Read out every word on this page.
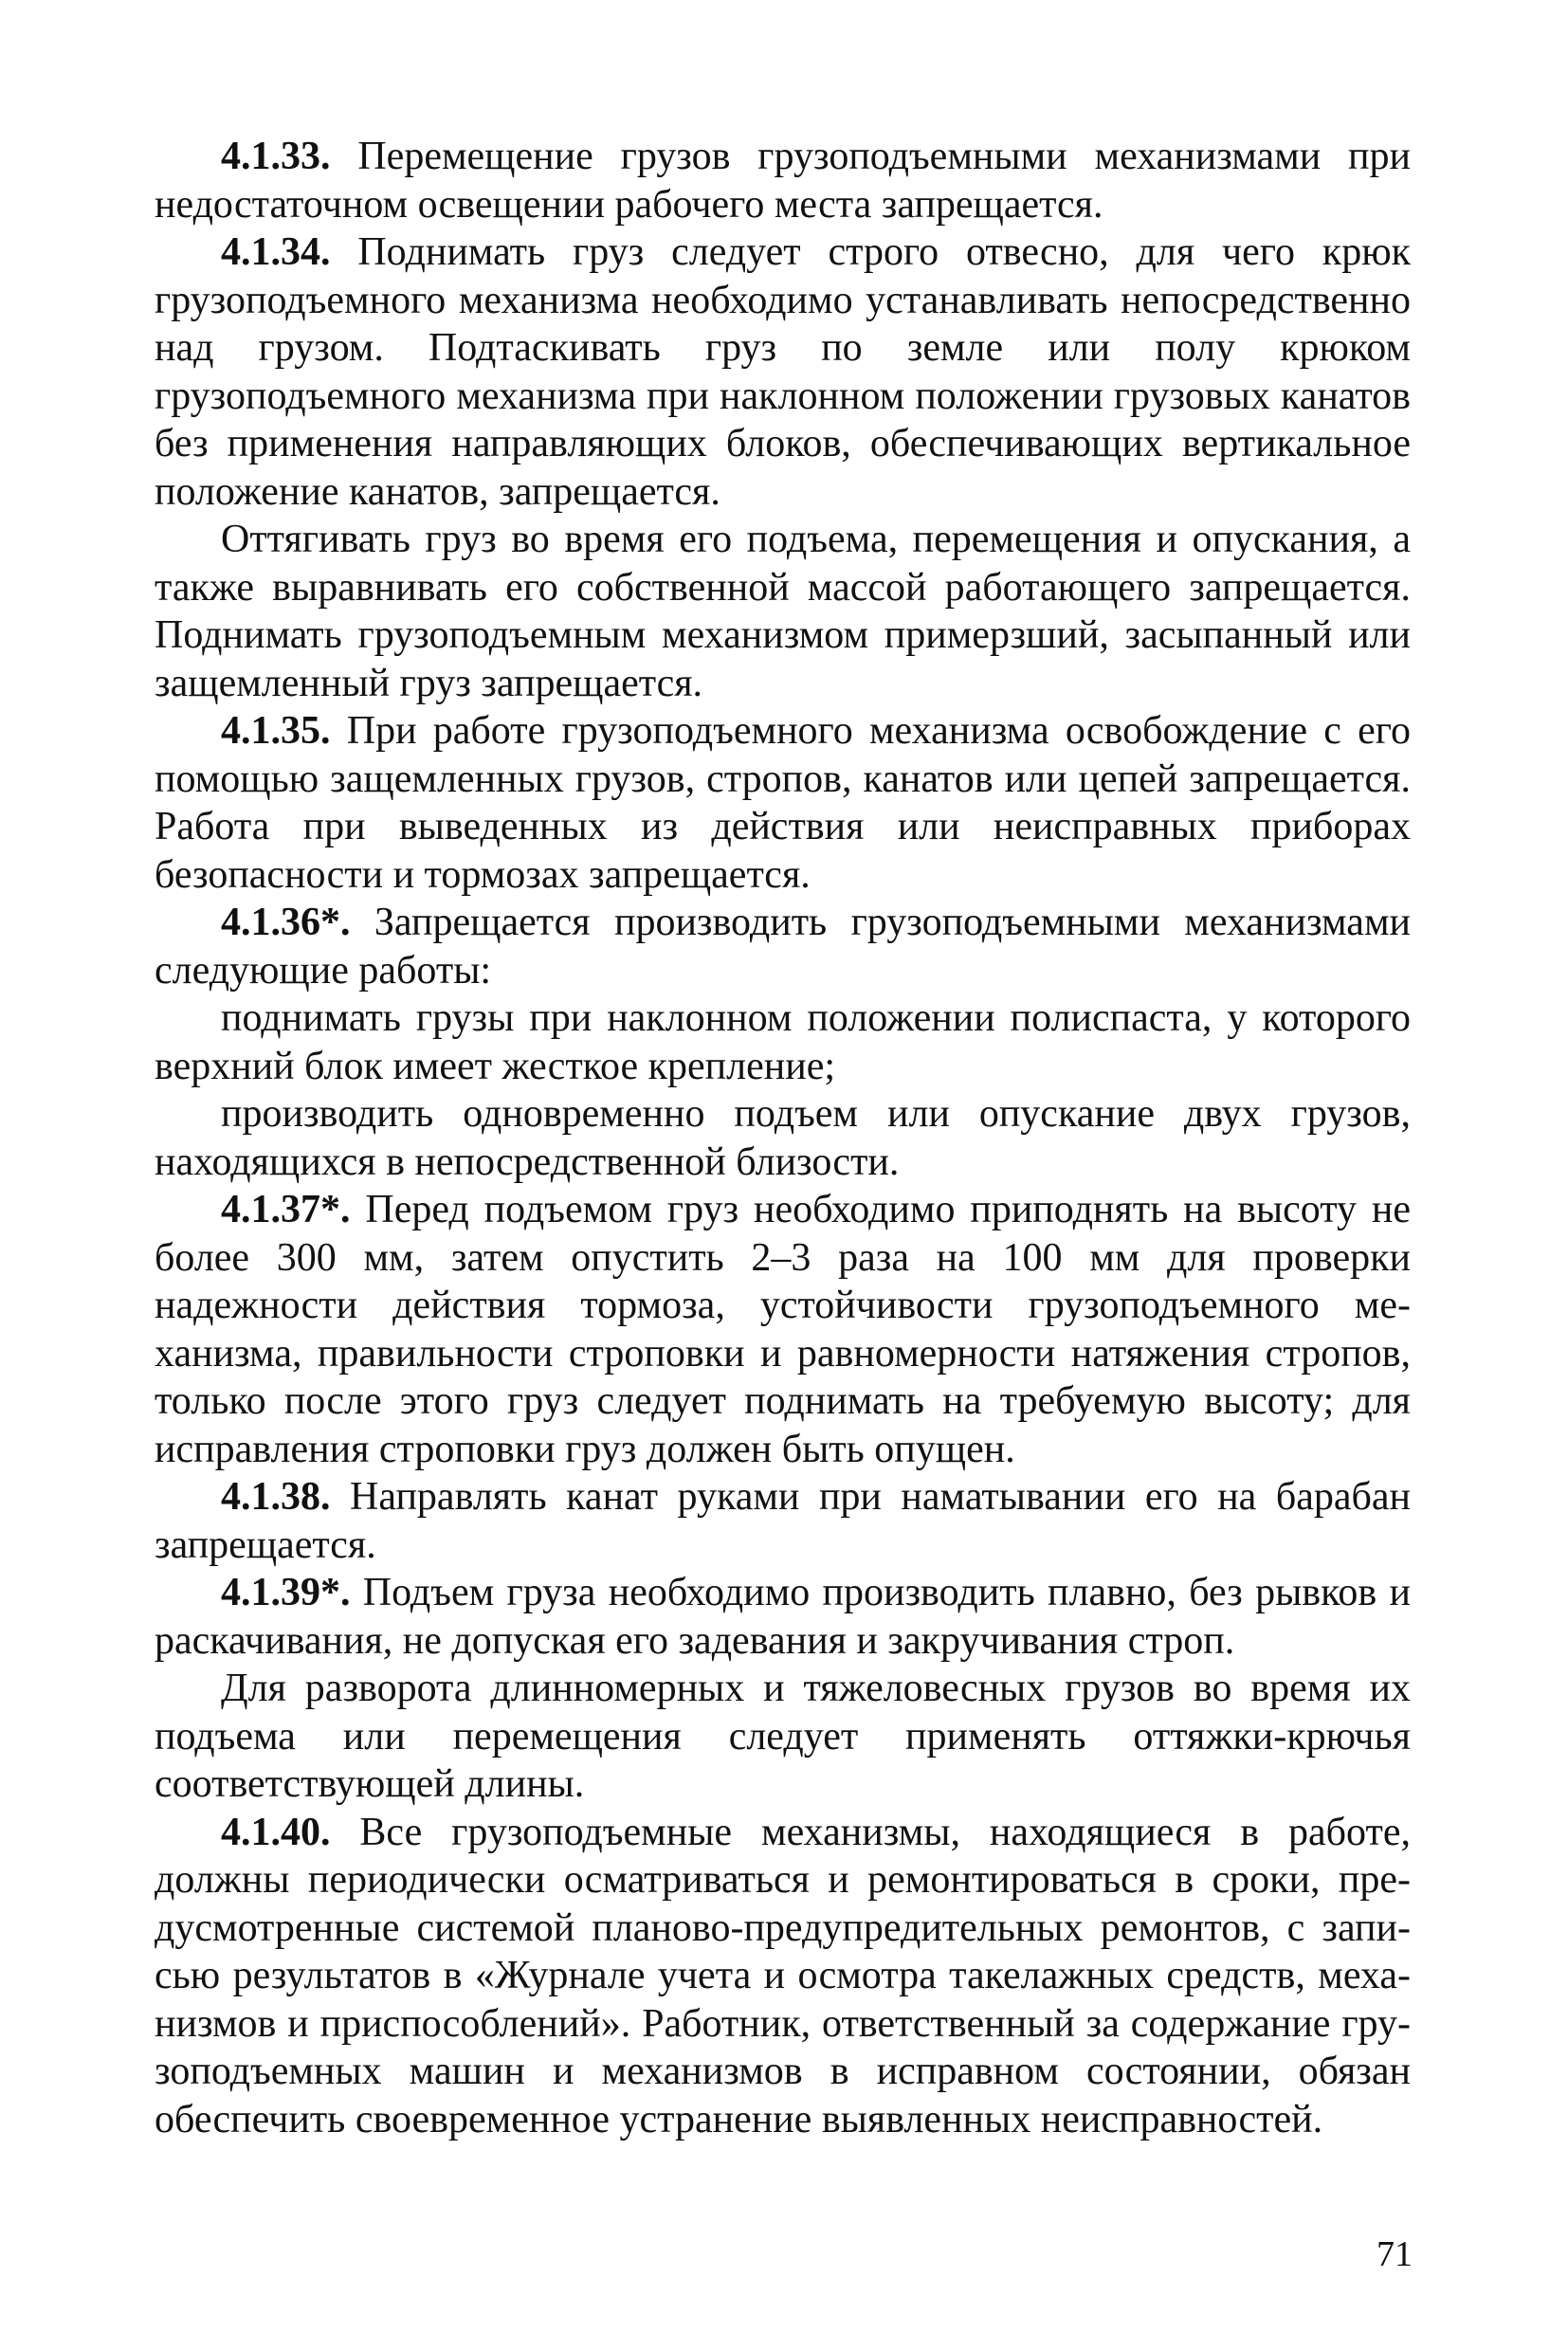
4.1.33. Перемещение грузов грузоподъемными механизмами при недостаточном освещении рабочего места запрещается.

4.1.34. Поднимать груз следует строго отвесно, для чего крюк грузоподъемного механизма необходимо устанавливать непосредственно над грузом. Подтаскивать груз по земле или полу крюком грузоподъемного механизма при наклонном положении грузовых канатов без применения направляющих блоков, обеспечивающих вертикальное положение канатов, запрещается.

Оттягивать груз во время его подъема, перемещения и опускания, а также выравнивать его собственной массой работающего запрещается. Поднимать грузоподъемным механизмом примерзший, засыпанный или защемленный груз запрещается.

4.1.35. При работе грузоподъемного механизма освобождение с его помощью защемленных грузов, стропов, канатов или цепей запрещается. Работа при выведенных из действия или неисправных приборах безопасности и тормозах запрещается.

4.1.36*. Запрещается производить грузоподъемными механизмами следующие работы:

поднимать грузы при наклонном положении полиспаста, у которого верхний блок имеет жесткое крепление;

производить одновременно подъем или опускание двух грузов, находящихся в непосредственной близости.

4.1.37*. Перед подъемом груз необходимо приподнять на высоту не более 300 мм, затем опустить 2–3 раза на 100 мм для проверки надежности действия тормоза, устойчивости грузоподъемного механизма, правильности строповки и равномерности натяжения стропов, только после этого груз следует поднимать на требуемую высоту; для исправления строповки груз должен быть опущен.

4.1.38. Направлять канат руками при наматывании его на барабан запрещается.

4.1.39*. Подъем груза необходимо производить плавно, без рывков и раскачивания, не допуская его задевания и закручивания строп.

Для разворота длинномерных и тяжеловесных грузов во время их подъема или перемещения следует применять оттяжки-крючья соответствующей длины.

4.1.40. Все грузоподъемные механизмы, находящиеся в работе, должны периодически осматриваться и ремонтироваться в сроки, предусмотренные системой планово-предупредительных ремонтов, с записью результатов в «Журнале учета и осмотра такелажных средств, механизмов и приспособлений». Работник, ответственный за содержание грузоподъемных машин и механизмов в исправном состоянии, обязан обеспечить своевременное устранение выявленных неисправностей.

71
